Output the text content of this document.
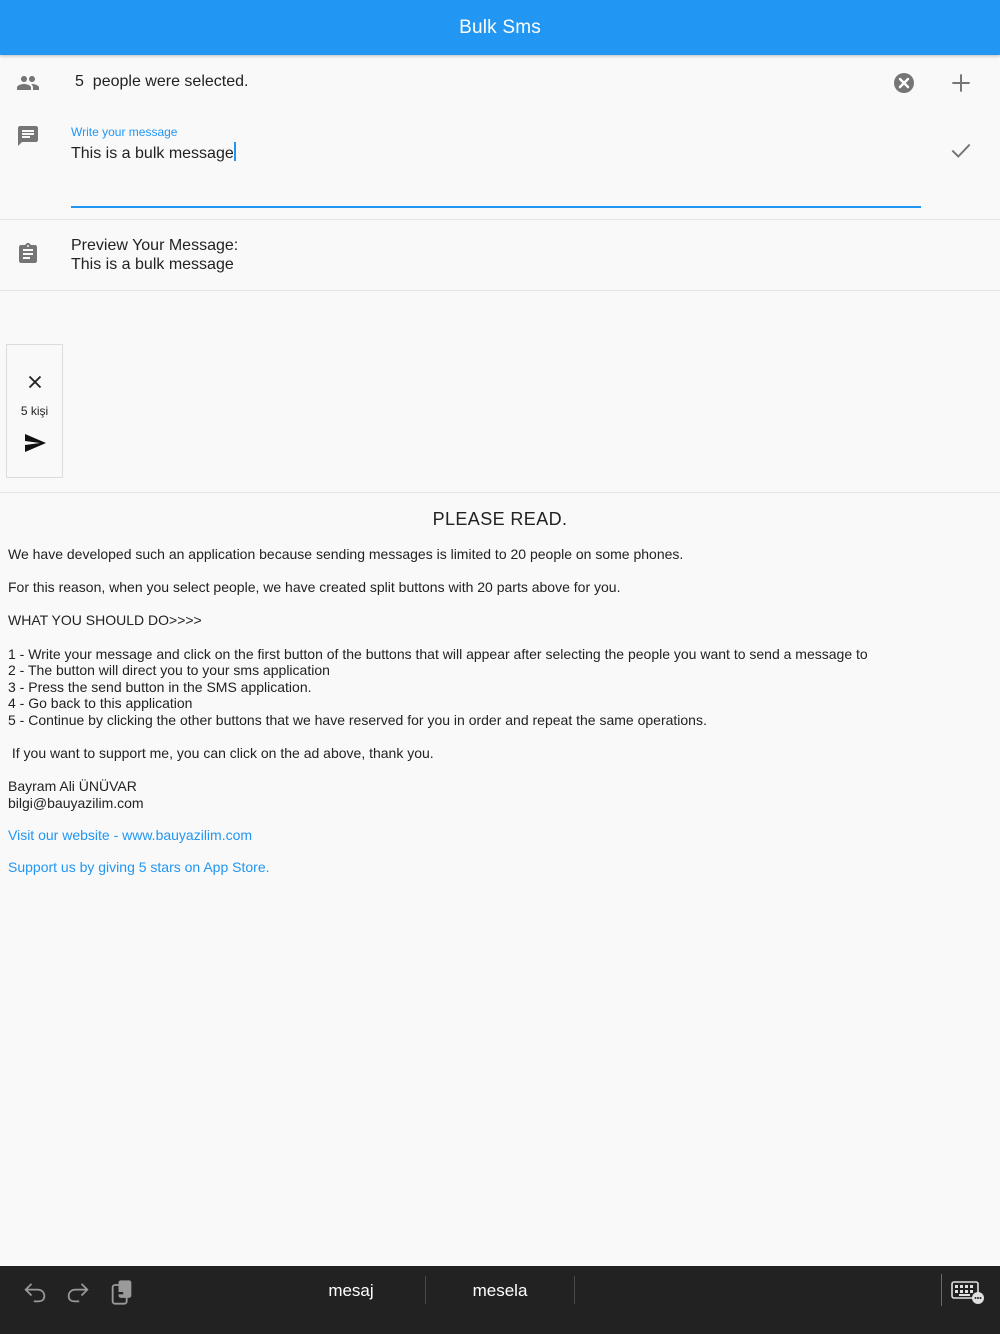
Bulk Sms
5 people were selected.
Write your message
This is a bulk message
Preview Your Message:
This is a bulk message
5 kişi
PLEASE READ.
We have developed such an application because sending messages is limited to 20 people on some phones.
For this reason, when you select people, we have created split buttons with 20 parts above for you.
WHAT YOU SHOULD DO>>>>
1 - Write your message and click on the first button of the buttons that will appear after selecting the people you want to send a message to
2 - The button will direct you to your sms application
3 - Press the send button in the SMS application.
4 - Go back to this application
5 - Continue by clicking the other buttons that we have reserved for you in order and repeat the same operations.
If you want to support me, you can click on the ad above, thank you.
Bayram Ali ÜNÜVAR
bilgi@bauyazilim.com
Visit our website - www.bauyazilim.com
Support us by giving 5 stars on App Store.
mesaj	mesela
